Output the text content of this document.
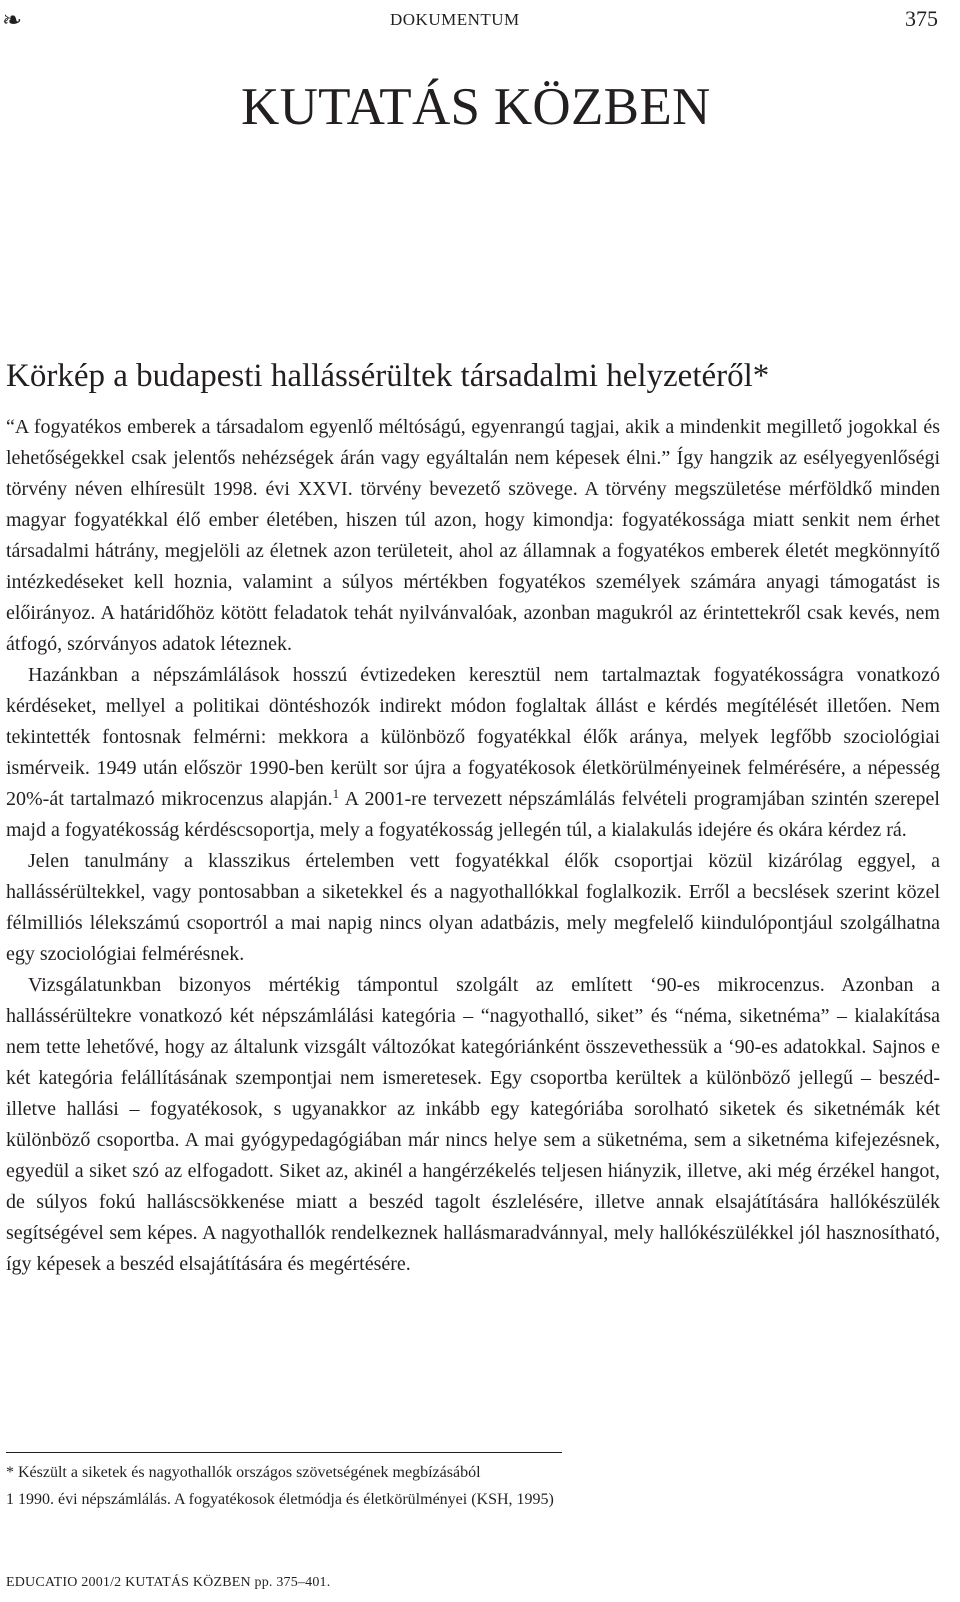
❧	DOKUMENTUM	375
KUTATÁS KÖZBEN
Körkép a budapesti hallássérültek társadalmi helyzetéről*

“A fogyatékos emberek a társadalom egyenlő méltóságú, egyenrangú tagjai, akik a mindenkit megillető jogokkal és lehetőségekkel csak jelentős nehézségek árán vagy egyáltalán nem képesek élni.” Így hangzik az esélyegyenlőségi törvény néven elhíresült 1998. évi XXVI. törvény bevezető szövege. A törvény megszületése mérföldkő minden magyar fogyatékkal élő ember életében, hiszen túl azon, hogy kimondja: fogyatékossága miatt senkit nem érhet társadalmi hátrány, megjelöli az életnek azon területeit, ahol az államnak a fogyatékos emberek életét megkönnyítő intézkedéseket kell hoznia, valamint a súlyos mértékben fogyatékos személyek számára anyagi támogatást is előirányoz. A határidőhöz kötött feladatok tehát nyilvánvalóak, azonban magukról az érintettekről csak kevés, nem átfogó, szórványos adatok léteznek.

Hazánkban a népszámlálások hosszú évtizedeken keresztül nem tartalmaztak fogyatékosságra vonatkozó kérdéseket, mellyel a politikai döntéshozók indirekt módon foglaltak állást e kérdés megítélését illetően. Nem tekintették fontosnak felmérni: mekkora a különböző fogyatékkal élők aránya, melyek legfőbb szociológiai ismérveik. 1949 után először 1990-ben került sor újra a fogyatékosok életkörülményeinek felmérésére, a népesség 20%-át tartalmazó mikrocenzus alapján.$^1$ A 2001-re tervezett népszámlálás felvételi programjában szintén szerepel majd a fogyatékosság kérdéscsoportja, mely a fogyatékosság jellegén túl, a kialakulás idejére és okára kérdez rá.

Jelen tanulmány a klasszikus értelemben vett fogyatékkal élők csoportjai közül kizárólag eggyel, a hallássérültekkel, vagy pontosabban a siketekkel és a nagyothallókkal foglalkozik. Erről a becslések szerint közel félmilliós lélekszámú csoportról a mai napig nincs olyan adatbázis, mely megfelelő kiindulópontjául szolgálhatna egy szociológiai felmérésnek.

Vizsgálatunkban bizonyos mértékig támpontul szolgált az említett ‘90-es mikrocenzus. Azonban a hallássérültekre vonatkozó két népszámlálási kategória – “nagyothalló, siket” és “néma, siketnéma” – kialakítása nem tette lehetővé, hogy az általunk vizsgált változókat kategóriánként összevethessük a ‘90-es adatokkal. Sajnos e két kategória felállításának szempontjai nem ismeretesek. Egy csoportba kerültek a különböző jellegű – beszéd- illetve hallási – fogyatékosok, s ugyanakkor az inkább egy kategóriába sorolható siketek és siketnémák két különböző csoportba. A mai gyógypedagógiában már nincs helye sem a süketnéma, sem a siketnéma kifejezésnek, egyedül a siket szó az elfogadott. Siket az, akinél a hangérzékelés teljesen hiányzik, illetve, aki még érzékel hangot, de súlyos fokú halláscsökkenése miatt a beszéd tagolt észlelésére, illetve annak elsajátítására hallókészülék segítségével sem képes. A nagyothallók rendelkeznek hallásmaradvánnyal, mely hallókészülékkel jól hasznosítható, így képesek a beszéd elsajátítására és megértésére.

* Készült a siketek és nagyothallók országos szövetségének megbízásából

1 1990. évi népszámlálás. A fogyatékosok életmódja és életkörülményei (KSH, 1995)

EDUCATIO 2001/2 KUTATÁS KÖZBEN pp. 375–401.
